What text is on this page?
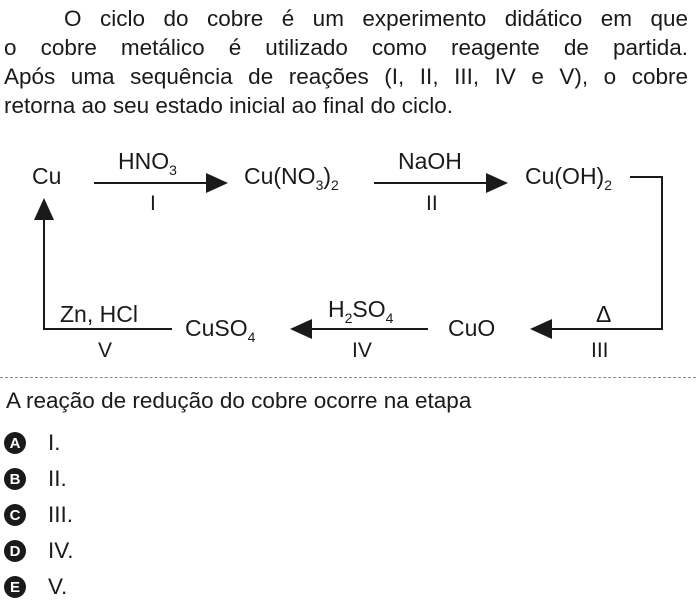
O ciclo do cobre é um experimento didático em que
o cobre metálico é utilizado como reagente de partida.
Após uma sequência de reações (I, II, III, IV e V), o cobre
retorna ao seu estado inicial ao final do ciclo.

Cu
$HNO_3$
I
$Cu(NO_3)_2$
NaOH
II
$Cu(OH)_2$
Δ
III
CuO
$H_2SO_4$
IV
CuSO$_4$
Zn, HCl
V

A reação de redução do cobre ocorre na etapa

A I.
B II.
C III.
D IV.
E V.
